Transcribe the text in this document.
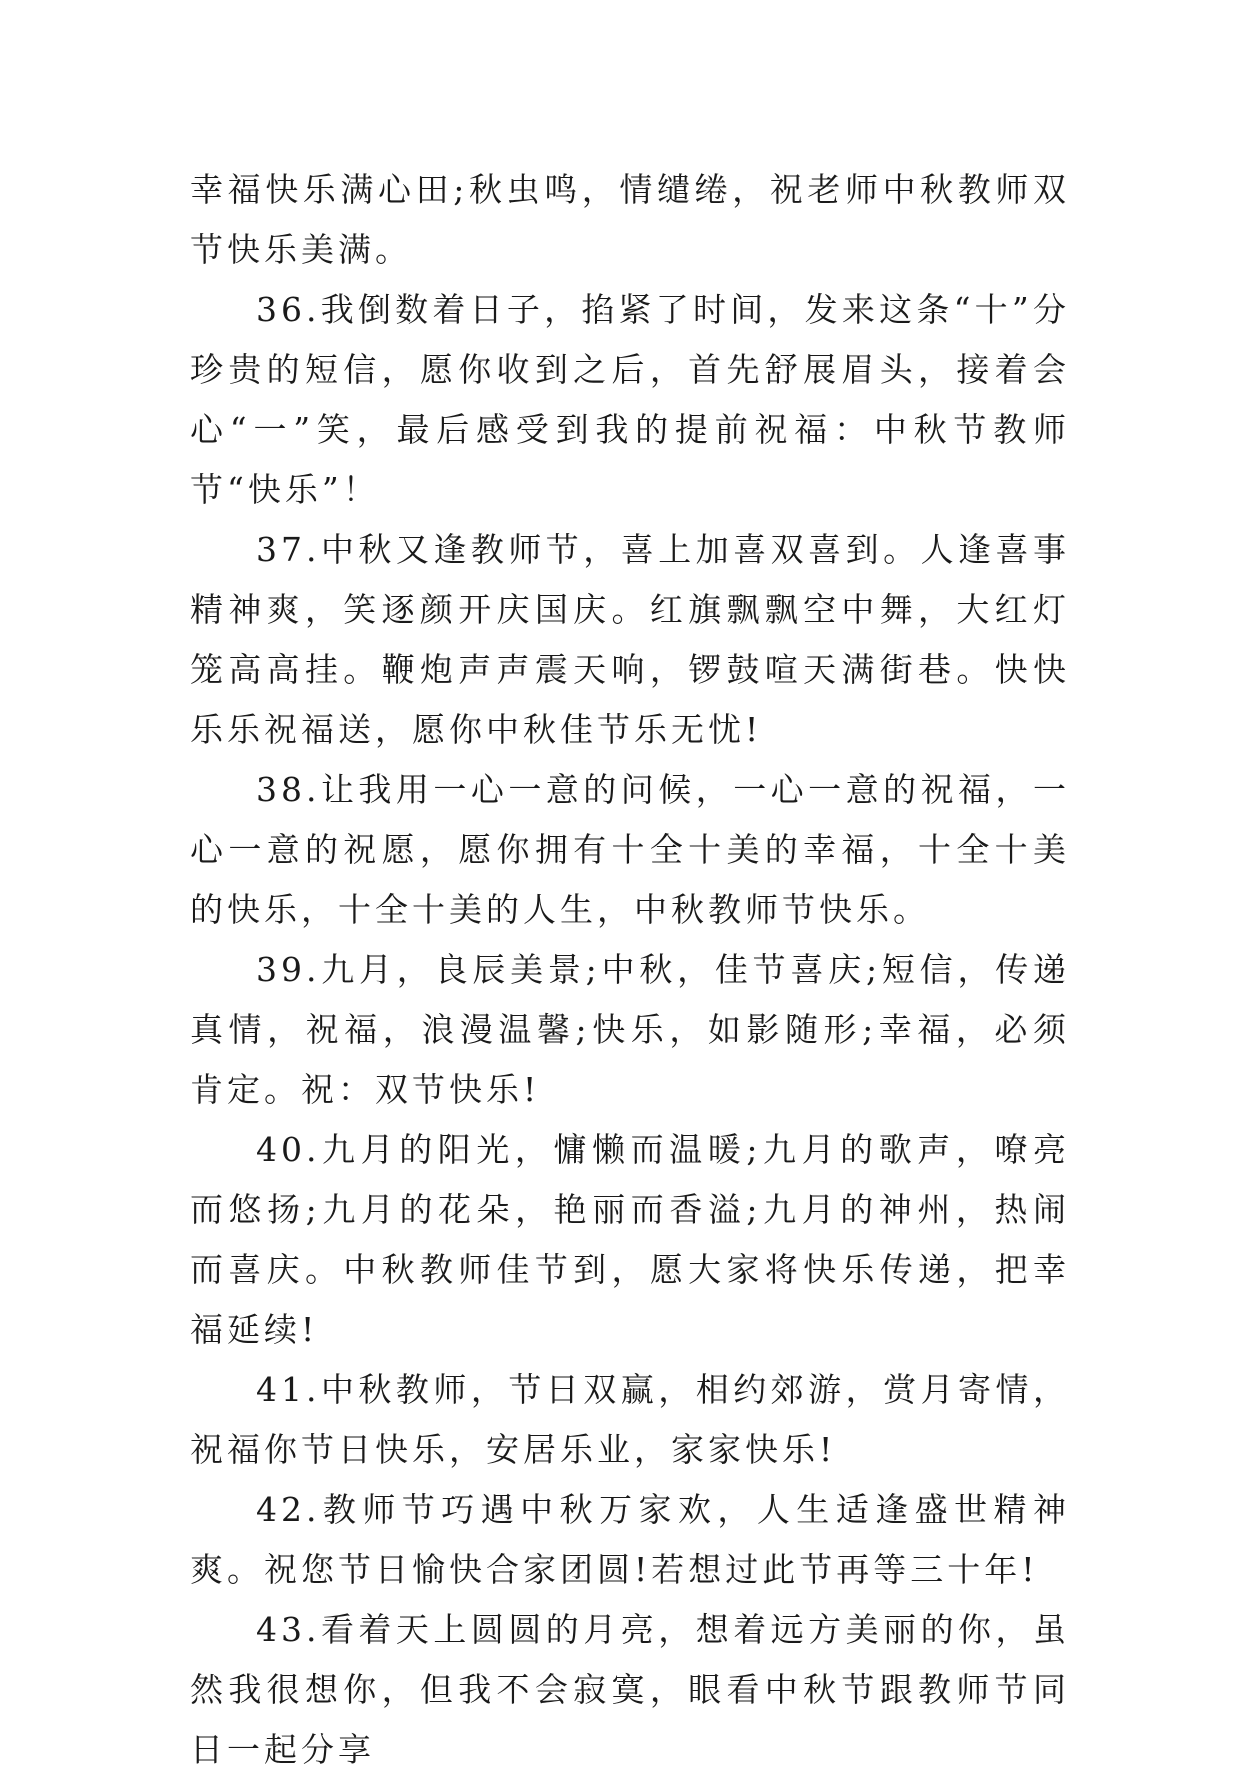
幸福快乐满心田;秋虫鸣，情缱绻，祝老师中秋教师双节快乐美满。

36.我倒数着日子，掐紧了时间，发来这条“十”分珍贵的短信，愿你收到之后，首先舒展眉头，接着会心“一”笑，最后感受到我的提前祝福：中秋节教师节“快乐”！

37.中秋又逢教师节，喜上加喜双喜到。人逢喜事精神爽，笑逐颜开庆国庆。红旗飘飘空中舞，大红灯笼高高挂。鞭炮声声震天响，锣鼓喧天满街巷。快快乐乐祝福送，愿你中秋佳节乐无忧!

38.让我用一心一意的问候，一心一意的祝福，一心一意的祝愿，愿你拥有十全十美的幸福，十全十美的快乐，十全十美的人生，中秋教师节快乐。

39.九月，良辰美景;中秋，佳节喜庆;短信，传递真情，祝福，浪漫温馨;快乐，如影随形;幸福，必须肯定。祝：双节快乐!

40.九月的阳光，慵懒而温暖;九月的歌声，嘹亮而悠扬;九月的花朵，艳丽而香溢;九月的神州，热闹而喜庆。中秋教师佳节到，愿大家将快乐传递，把幸福延续!

41.中秋教师，节日双赢，相约郊游，赏月寄情，祝福你节日快乐，安居乐业，家家快乐!

42.教师节巧遇中秋万家欢，人生适逢盛世精神爽。祝您节日愉快合家团圆!若想过此节再等三十年!

43.看着天上圆圆的月亮，想着远方美丽的你，虽然我很想你，但我不会寂寞，眼看中秋节跟教师节同日一起分享
